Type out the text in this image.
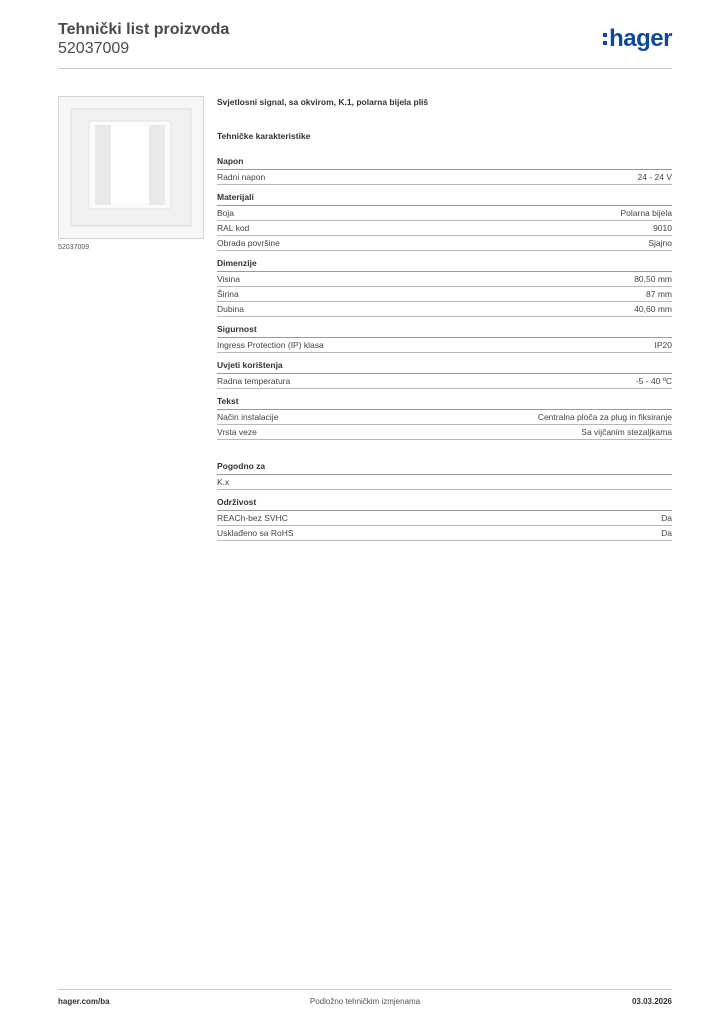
Tehnički list proizvoda
52037009	hager
52037009
Svjetlosni signal, sa okvirom, K.1, polarna bijela pliš
Tehničke karakteristike
Napon
Radni napon	24 - 24 V
Materijali
Boja	Polarna bijela
RAL kod	9010
Obrada površine	Sjajno
Dimenzije
Visina	80,50 mm
Širina	87 mm
Dubina	40,60 mm
Sigurnost
Ingress Protection (IP) klasa	IP20
Uvjeti korištenja
Radna temperatura	-5 - 40 ºC
Tekst
Način instalacije	Centralna ploča za plug in fiksiranje
Vrsta veze	Sa vijčanim stezaljkama
Pogodno za
K.x
Održivost
REACh-bez SVHC	Da
Usklađeno sa RoHS	Da
hager.com/ba	Podložno tehničkim izmjenama	03.03.2026
